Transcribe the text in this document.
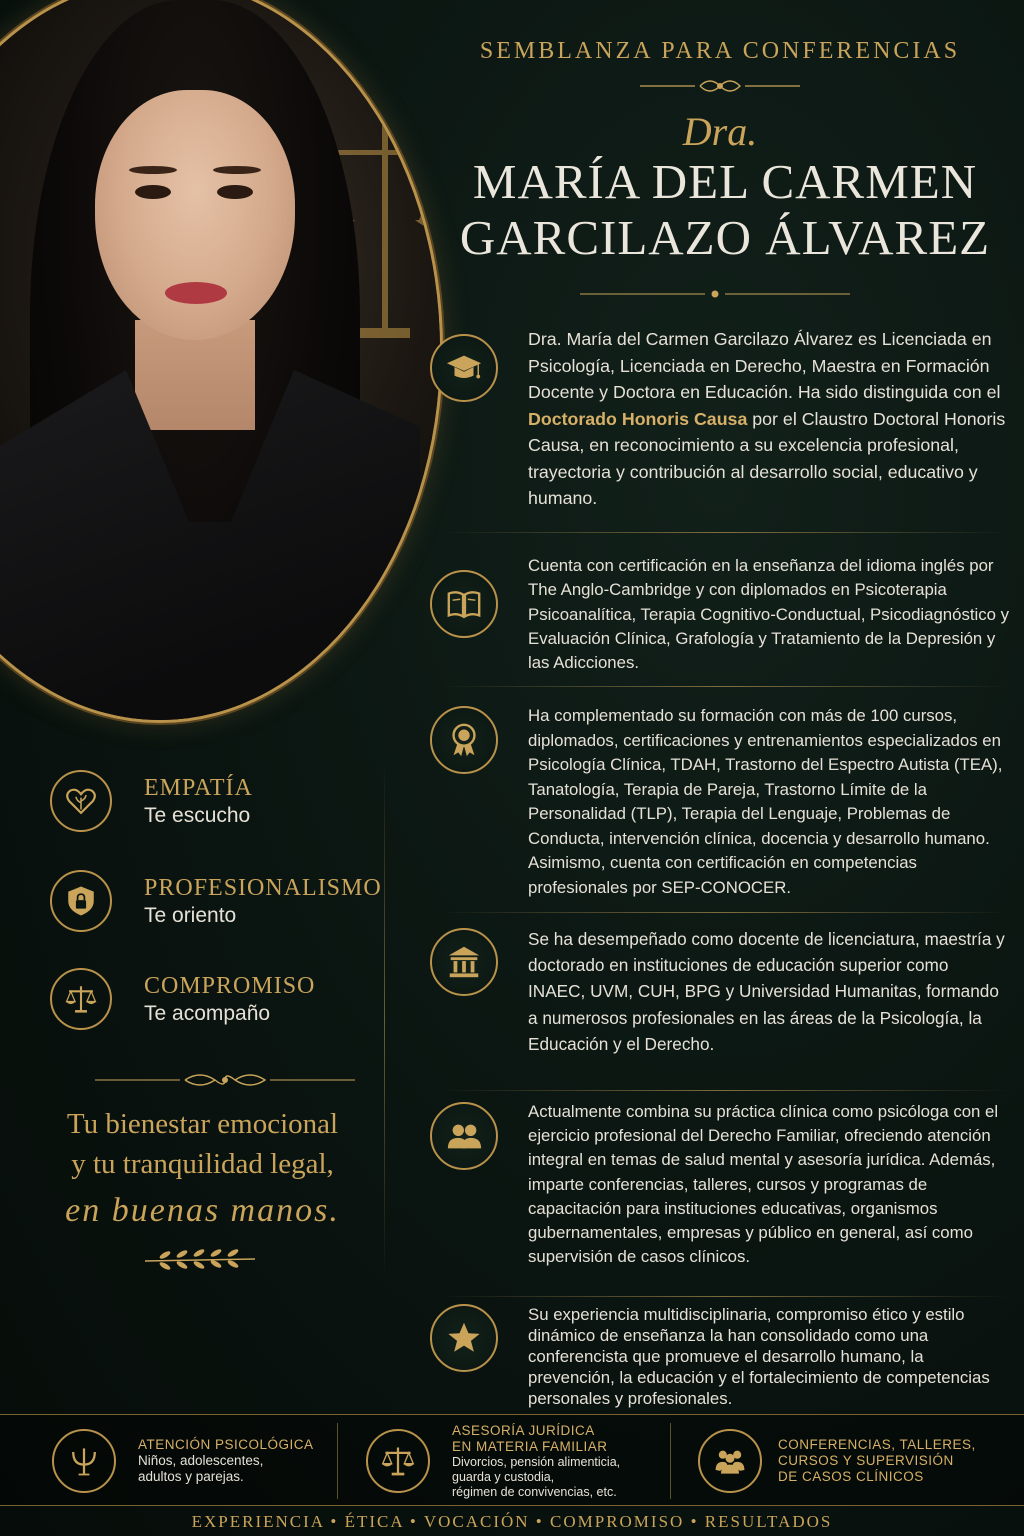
SEMBLANZA PARA CONFERENCIAS
Dra.
MARÍA DEL CARMEN
GARCILAZO ÁLVAREZ
Dra. María del Carmen Garcilazo Álvarez es Licenciada en Psicología, Licenciada en Derecho, Maestra en Formación Docente y Doctora en Educación. Ha sido distinguida con el Doctorado Honoris Causa por el Claustro Doctoral Honoris Causa, en reconocimiento a su excelencia profesional, trayectoria y contribución al desarrollo social, educativo y humano.
Cuenta con certificación en la enseñanza del idioma inglés por The Anglo-Cambridge y con diplomados en Psicoterapia Psicoanalítica, Terapia Cognitivo-Conductual, Psicodiagnóstico y Evaluación Clínica, Grafología y Tratamiento de la Depresión y las Adicciones.
Ha complementado su formación con más de 100 cursos, diplomados, certificaciones y entrenamientos especializados en Psicología Clínica, TDAH, Trastorno del Espectro Autista (TEA), Tanatología, Terapia de Pareja, Trastorno Límite de la Personalidad (TLP), Terapia del Lenguaje, Problemas de Conducta, intervención clínica, docencia y desarrollo humano. Asimismo, cuenta con certificación en competencias profesionales por SEP-CONOCER.
Se ha desempeñado como docente de licenciatura, maestría y doctorado en instituciones de educación superior como INAEC, UVM, CUH, BPG y Universidad Humanitas, formando a numerosos profesionales en las áreas de la Psicología, la Educación y el Derecho.
Actualmente combina su práctica clínica como psicóloga con el ejercicio profesional del Derecho Familiar, ofreciendo atención integral en temas de salud mental y asesoría jurídica. Además, imparte conferencias, talleres, cursos y programas de capacitación para instituciones educativas, organismos gubernamentales, empresas y público en general, así como supervisión de casos clínicos.
Su experiencia multidisciplinaria, compromiso ético y estilo dinámico de enseñanza la han consolidado como una conferencista que promueve el desarrollo humano, la prevención, la educación y el fortalecimiento de competencias personales y profesionales.
EMPATÍA
Te escucho
PROFESIONALISMO
Te oriento
COMPROMISO
Te acompaño
Tu bienestar emocional
y tu tranquilidad legal,
en buenas manos.
ATENCIÓN PSICOLÓGICA
Niños, adolescentes,
adultos y parejas.
ASESORÍA JURÍDICA
EN MATERIA FAMILIAR
Divorcios, pensión alimenticia,
guarda y custodia,
régimen de convivencias, etc.
CONFERENCIAS, TALLERES,
CURSOS Y SUPERVISIÓN
DE CASOS CLÍNICOS
EXPERIENCIA • ÉTICA • VOCACIÓN • COMPROMISO • RESULTADOS
